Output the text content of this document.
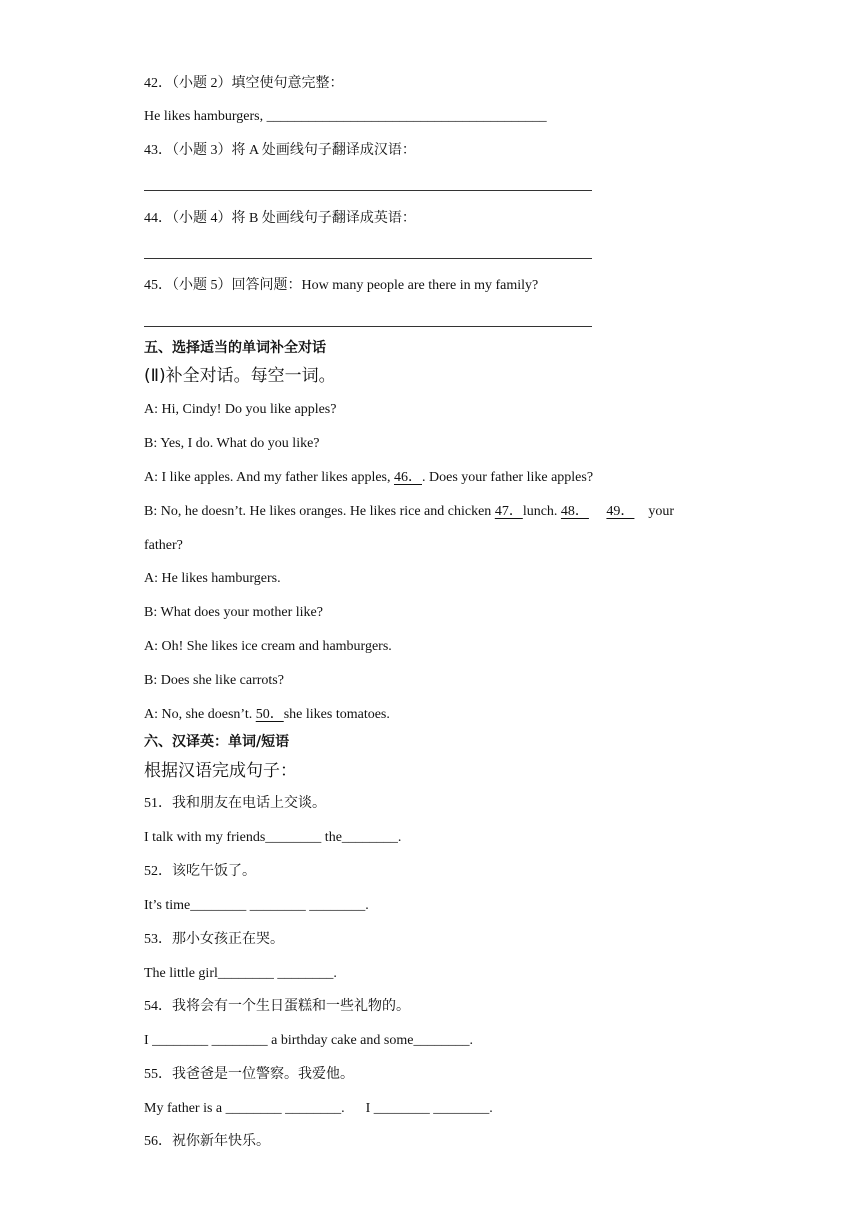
42．（小题 2）填空使句意完整：
He likes hamburgers, ________________________________________
43．（小题 3）将 A 处画线句子翻译成汉语：
44．（小题 4）将 B 处画线句子翻译成英语：
45．（小题 5）回答问题：How many people are there in my family?
五、选择适当的单词补全对话
(Ⅱ)补全对话。每空一词。
A: Hi, Cindy! Do you like apples?
B: Yes, I do. What do you like?
A: I like apples. And my father likes apples, 46．. Does your father like apples?
B: No, he doesn’t. He likes oranges. He likes rice and chicken 47．lunch. 48． 49． your
father?
A: He likes hamburgers.
B: What does your mother like?
A: Oh! She likes ice cream and hamburgers.
B: Does she like carrots?
A: No, she doesn’t. 50．she likes tomatoes.
六、汉译英：单词/短语
根据汉语完成句子：
51．我和朋友在电话上交谈。
I talk with my friends________ the________.
52．该吃午饭了。
It’s time________ ________ ________.
53．那小女孩正在哭。
The little girl________ ________.
54．我将会有一个生日蛋糕和一些礼物的。
I ________ ________ a birthday cake and some________.
55．我爸爸是一位警察。我爱他。
My father is a ________ ________.      I ________ ________.
56．祝你新年快乐。
